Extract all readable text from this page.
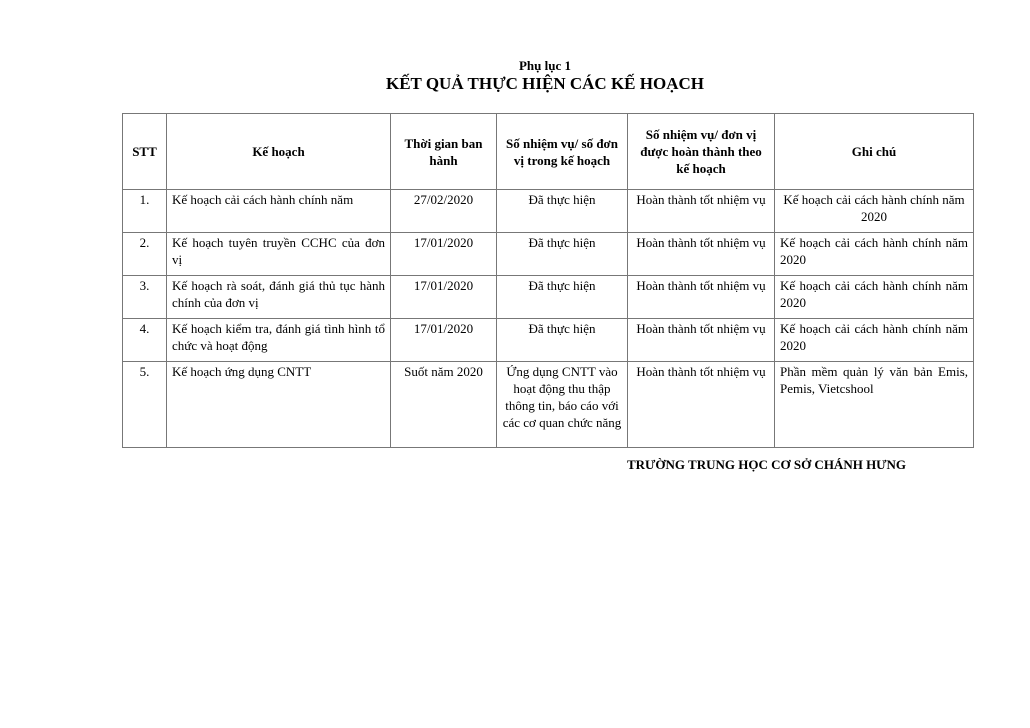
Phụ lục 1
KẾT QUẢ THỰC HIỆN CÁC KẾ HOẠCH
STT	Kế hoạch	Thời gian ban hành	Số nhiệm vụ/ số đơn vị trong kế hoạch	Số nhiệm vụ/ đơn vị được hoàn thành theo kế hoạch	Ghi chú
1.	Kế hoạch cải cách hành chính năm	27/02/2020	Đã thực hiện	Hoàn thành tốt nhiệm vụ	Kế hoạch cải cách hành chính năm 2020
2.	Kế hoạch tuyên truyền CCHC của đơn vị	17/01/2020	Đã thực hiện	Hoàn thành tốt nhiệm vụ	Kế hoạch cải cách hành chính năm 2020
3.	Kế hoạch rà soát, đánh giá thủ tục hành chính của đơn vị	17/01/2020	Đã thực hiện	Hoàn thành tốt nhiệm vụ	Kế hoạch cải cách hành chính năm 2020
4.	Kế hoạch kiểm tra, đánh giá tình hình tổ chức và hoạt động	17/01/2020	Đã thực hiện	Hoàn thành tốt nhiệm vụ	Kế hoạch cải cách hành chính năm 2020
5.	Kế hoạch ứng dụng CNTT	Suốt năm 2020	Ứng dụng CNTT vào hoạt động thu thập thông tin, báo cáo với các cơ quan chức năng	Hoàn thành tốt nhiệm vụ	Phần mềm quản lý văn bản Emis, Pemis, Vietcshool
TRƯỜNG TRUNG HỌC CƠ SỞ CHÁNH HƯNG
